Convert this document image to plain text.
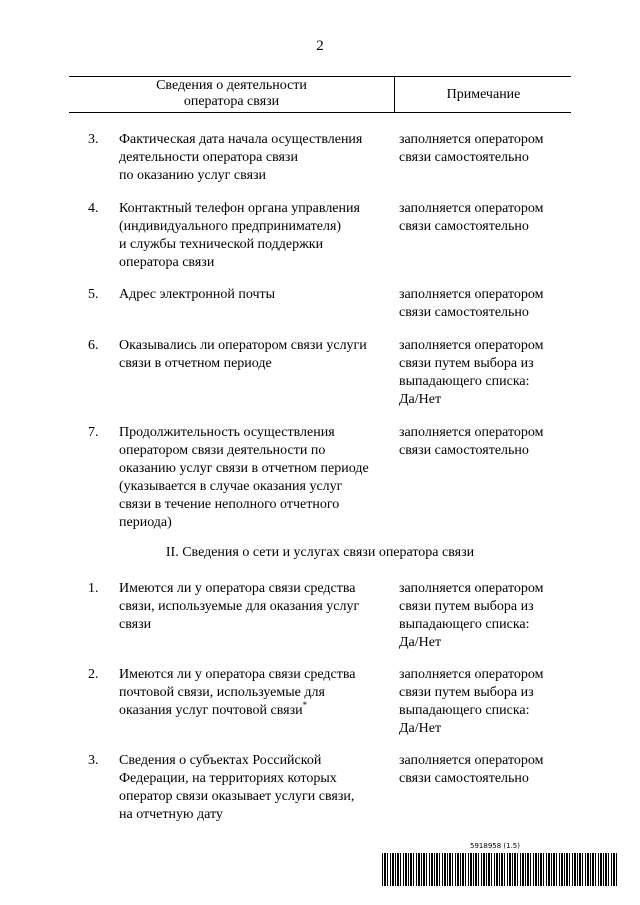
2
Сведения о деятельности
оператора связи	Примечание
3. Фактическая дата начала осуществления
деятельности оператора связи
по оказанию услуг связи
заполняется оператором
связи самостоятельно
4. Контактный телефон органа управления
(индивидуального предпринимателя)
и службы технической поддержки
оператора связи
заполняется оператором
связи самостоятельно
5. Адрес электронной почты	заполняется оператором
связи самостоятельно
6. Оказывались ли оператором связи услуги
связи в отчетном периоде
заполняется оператором
связи путем выбора из
выпадающего списка:
Да/Нет
7. Продолжительность осуществления
оператором связи деятельности по
оказанию услуг связи в отчетном периоде
(указывается в случае оказания услуг
связи в течение неполного отчетного
периода)
заполняется оператором
связи самостоятельно
II. Сведения о сети и услугах связи оператора связи
1. Имеются ли у оператора связи средства
связи, используемые для оказания услуг
связи
заполняется оператором
связи путем выбора из
выпадающего списка:
Да/Нет
2. Имеются ли у оператора связи средства
почтовой связи, используемые для
оказания услуг почтовой связи*
заполняется оператором
связи путем выбора из
выпадающего списка:
Да/Нет
3. Сведения о субъектах Российской
Федерации, на территориях которых
оператор связи оказывает услуги связи,
на отчетную дату
заполняется оператором
связи самостоятельно
5918958 (1.5)
